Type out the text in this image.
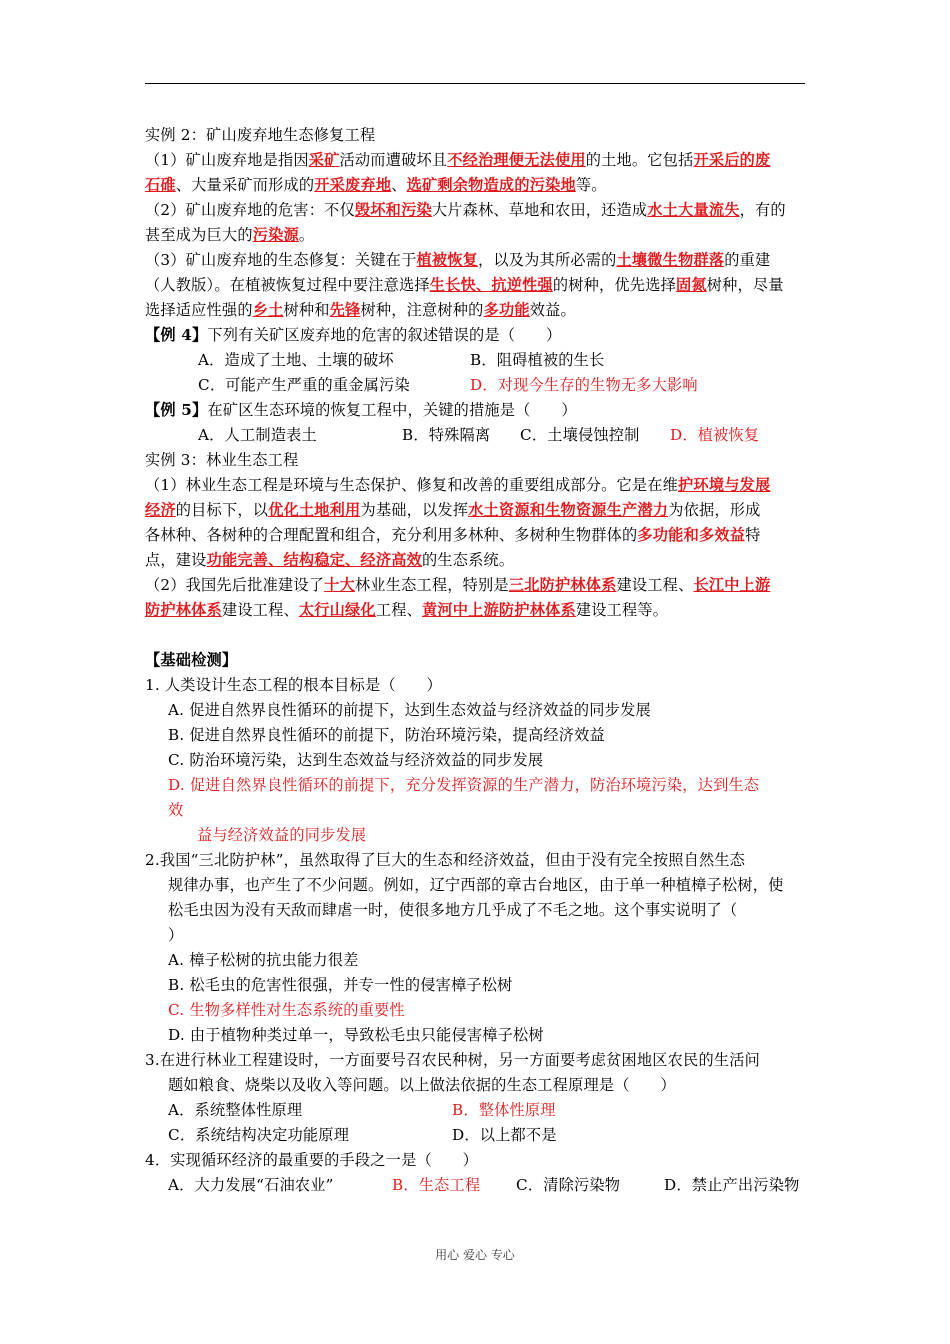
实例 2：矿山废弃地生态修复工程
（1）矿山废弃地是指因采矿活动而遭破坏且不经治理便无法使用的土地。它包括开采后的废
石碓、大量采矿而形成的开采废弃地、选矿剩余物造成的污染地等。
（2）矿山废弃地的危害：不仅毁坏和污染大片森林、草地和农田，还造成水土大量流失，有的
甚至成为巨大的污染源。
（3）矿山废弃地的生态修复：关键在于植被恢复，以及为其所必需的土壤微生物群落的重建
（人教版）。在植被恢复过程中要注意选择生长快、抗逆性强的树种，优先选择固氮树种，尽量
选择适应性强的乡土树种和先锋树种，注意树种的多功能效益。
【例 4】下列有关矿区废弃地的危害的叙述错误的是（　　）
A．造成了土地、土壤的破坏	B．阻碍植被的生长
C．可能产生严重的重金属污染	D．对现今生存的生物无多大影响
【例 5】在矿区生态环境的恢复工程中，关键的措施是（　　）
A．人工制造表土	B．特殊隔离 C．土壤侵蚀控制 D．植被恢复
实例 3：林业生态工程
（1）林业生态工程是环境与生态保护、修复和改善的重要组成部分。它是在维护环境与发展
经济的目标下，以优化土地利用为基础，以发挥水土资源和生物资源生产潜力为依据，形成
各林种、各树种的合理配置和组合，充分利用多林种、多树种生物群体的多功能和多效益特
点，建设功能完善、结构稳定、经济高效的生态系统。
（2）我国先后批准建设了十大林业生态工程，特别是三北防护林体系建设工程、长江中上游
防护林体系建设工程、太行山绿化工程、黄河中上游防护林体系建设工程等。
【基础检测】
1. 人类设计生态工程的根本目标是（　　）
A. 促进自然界良性循环的前提下，达到生态效益与经济效益的同步发展
B. 促进自然界良性循环的前提下，防治环境污染，提高经济效益
C. 防治环境污染，达到生态效益与经济效益的同步发展
D. 促进自然界良性循环的前提下，充分发挥资源的生产潜力，防治环境污染，达到生态
效
益与经济效益的同步发展
2.我国“三北防护林”，虽然取得了巨大的生态和经济效益，但由于没有完全按照自然生态
规律办事，也产生了不少问题。例如，辽宁西部的章古台地区，由于单一种植樟子松树，使
松毛虫因为没有天敌而肆虐一时，使很多地方几乎成了不毛之地。这个事实说明了（
）
A. 樟子松树的抗虫能力很差
B. 松毛虫的危害性很强，并专一性的侵害樟子松树
C. 生物多样性对生态系统的重要性
D. 由于植物种类过单一，导致松毛虫只能侵害樟子松树
3.在进行林业工程建设时，一方面要号召农民种树，另一方面要考虑贫困地区农民的生活问
题如粮食、烧柴以及收入等问题。以上做法依据的生态工程原理是（　　）
A．系统整体性原理	B．整体性原理
C．系统结构决定功能原理	D．以上都不是
4．实现循环经济的最重要的手段之一是（　　）
A．大力发展“石油农业”	B．生态工程 C．清除污染物	D．禁止产出污染物
用心 爱心 专心
